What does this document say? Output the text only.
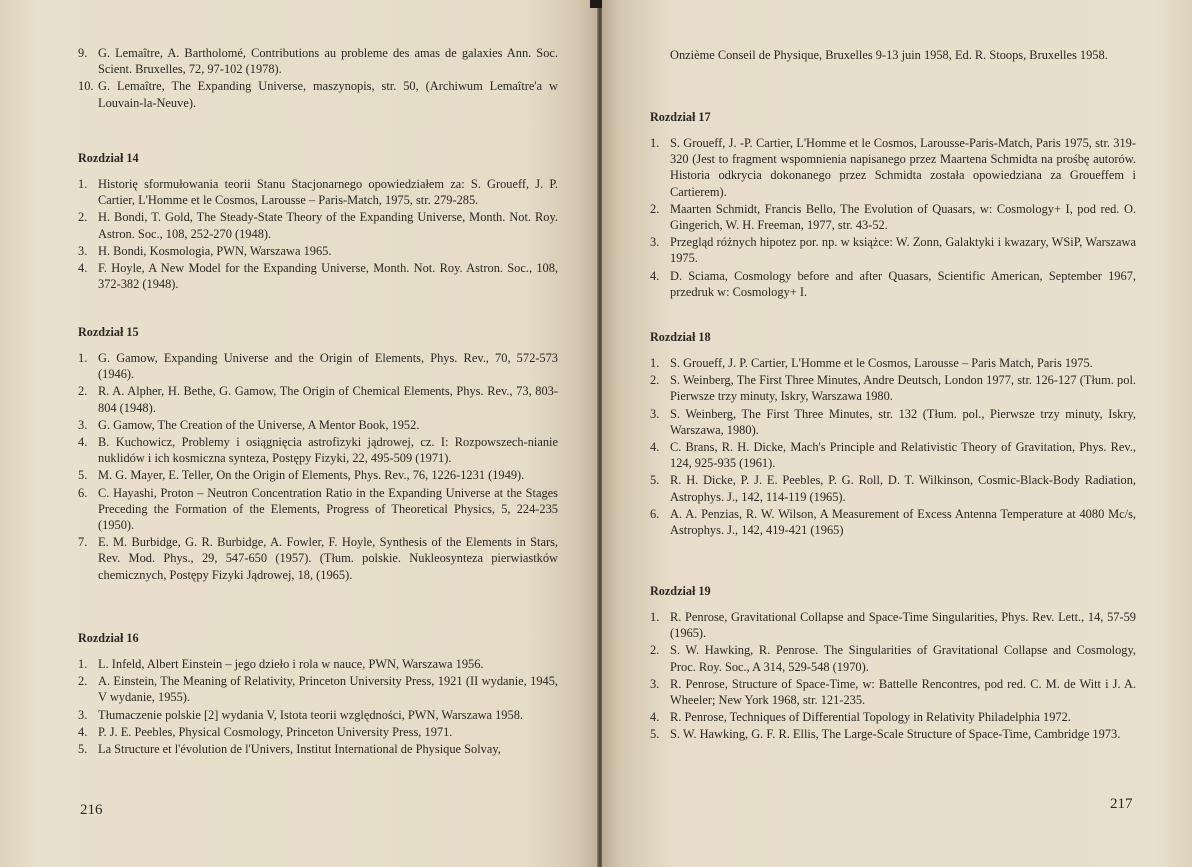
9. G. Lemaître, A. Bartholomé, Contributions au probleme des amas de galaxies Ann. Soc. Scient. Bruxelles, 72, 97-102 (1978).
10. G. Lemaître, The Expanding Universe, maszynopis, str. 50, (Archiwum Lemaître'a w Louvain-la-Neuve).
Rozdział 14
1. Historię sformułowania teorii Stanu Stacjonarnego opowiedziałem za: S. Groueff, J. P. Cartier, L'Homme et le Cosmos, Larousse – Paris-Match, 1975, str. 279-285.
2. H. Bondi, T. Gold, The Steady-State Theory of the Expanding Universe, Month. Not. Roy. Astron. Soc., 108, 252-270 (1948).
3. H. Bondi, Kosmologia, PWN, Warszawa 1965.
4. F. Hoyle, A New Model for the Expanding Universe, Month. Not. Roy. Astron. Soc., 108, 372-382 (1948).
Rozdział 15
1. G. Gamow, Expanding Universe and the Origin of Elements, Phys. Rev., 70, 572-573 (1946).
2. R. A. Alpher, H. Bethe, G. Gamow, The Origin of Chemical Elements, Phys. Rev., 73, 803-804 (1948).
3. G. Gamow, The Creation of the Universe, A Mentor Book, 1952.
4. B. Kuchowicz, Problemy i osiągnięcia astrofizyki jądrowej, cz. I: Rozpowszech-nianie nuklidów i ich kosmiczna synteza, Postępy Fizyki, 22, 495-509 (1971).
5. M. G. Mayer, E. Teller, On the Origin of Elements, Phys. Rev., 76, 1226-1231 (1949).
6. C. Hayashi, Proton – Neutron Concentration Ratio in the Expanding Universe at the Stages Preceding the Formation of the Elements, Progress of Theoretical Physics, 5, 224-235 (1950).
7. E. M. Burbidge, G. R. Burbidge, A. Fowler, F. Hoyle, Synthesis of the Elements in Stars, Rev. Mod. Phys., 29, 547-650 (1957). (Tłum. polskie. Nukleosynteza pierwiastków chemicznych, Postępy Fizyki Jądrowej, 18, (1965).
Rozdział 16
1. L. Infeld, Albert Einstein – jego dzieło i rola w nauce, PWN, Warszawa 1956.
2. A. Einstein, The Meaning of Relativity, Princeton University Press, 1921 (II wydanie, 1945, V wydanie, 1955).
3. Tłumaczenie polskie [2] wydania V, Istota teorii względności, PWN, Warszawa 1958.
4. P. J. E. Peebles, Physical Cosmology, Princeton University Press, 1971.
5. La Structure et l'évolution de l'Univers, Institut International de Physique Solvay,
216
Onzième Conseil de Physique, Bruxelles 9-13 juin 1958, Ed. R. Stoops, Bruxelles 1958.
Rozdział 17
1. S. Groueff, J. -P. Cartier, L'Homme et le Cosmos, Larousse-Paris-Match, Paris 1975, str. 319-320 (Jest to fragment wspomnienia napisanego przez Maartena Schmidta na prośbę autorów. Historia odkrycia dokonanego przez Schmidta została opowiedziana za Groueffem i Cartierem).
2. Maarten Schmidt, Francis Bello, The Evolution of Quasars, w: Cosmology+ I, pod red. O. Gingerich, W. H. Freeman, 1977, str. 43-52.
3. Przegląd różnych hipotez por. np. w książce: W. Zonn, Galaktyki i kwazary, WSiP, Warszawa 1975.
4. D. Sciama, Cosmology before and after Quasars, Scientific American, September 1967, przedruk w: Cosmology+ I.
Rozdział 18
1. S. Groueff, J. P. Cartier, L'Homme et le Cosmos, Larousse – Paris Match, Paris 1975.
2. S. Weinberg, The First Three Minutes, Andre Deutsch, London 1977, str. 126-127 (Tłum. pol. Pierwsze trzy minuty, Iskry, Warszawa 1980.
3. S. Weinberg, The First Three Minutes, str. 132 (Tłum. pol., Pierwsze trzy minuty, Iskry, Warszawa, 1980).
4. C. Brans, R. H. Dicke, Mach's Principle and Relativistic Theory of Gravitation, Phys. Rev., 124, 925-935 (1961).
5. R. H. Dicke, P. J. E. Peebles, P. G. Roll, D. T. Wilkinson, Cosmic-Black-Body Radiation, Astrophys. J., 142, 114-119 (1965).
6. A. A. Penzias, R. W. Wilson, A Measurement of Excess Antenna Temperature at 4080 Mc/s, Astrophys. J., 142, 419-421 (1965)
Rozdział 19
1. R. Penrose, Gravitational Collapse and Space-Time Singularities, Phys. Rev. Lett., 14, 57-59 (1965).
2. S. W. Hawking, R. Penrose. The Singularities of Gravitational Collapse and Cosmology, Proc. Roy. Soc., A 314, 529-548 (1970).
3. R. Penrose, Structure of Space-Time, w: Battelle Rencontres, pod red. C. M. de Witt i J. A. Wheeler; New York 1968, str. 121-235.
4. R. Penrose, Techniques of Differential Topology in Relativity Philadelphia 1972.
5. S. W. Hawking, G. F. R. Ellis, The Large-Scale Structure of Space-Time, Cambridge 1973.
217
